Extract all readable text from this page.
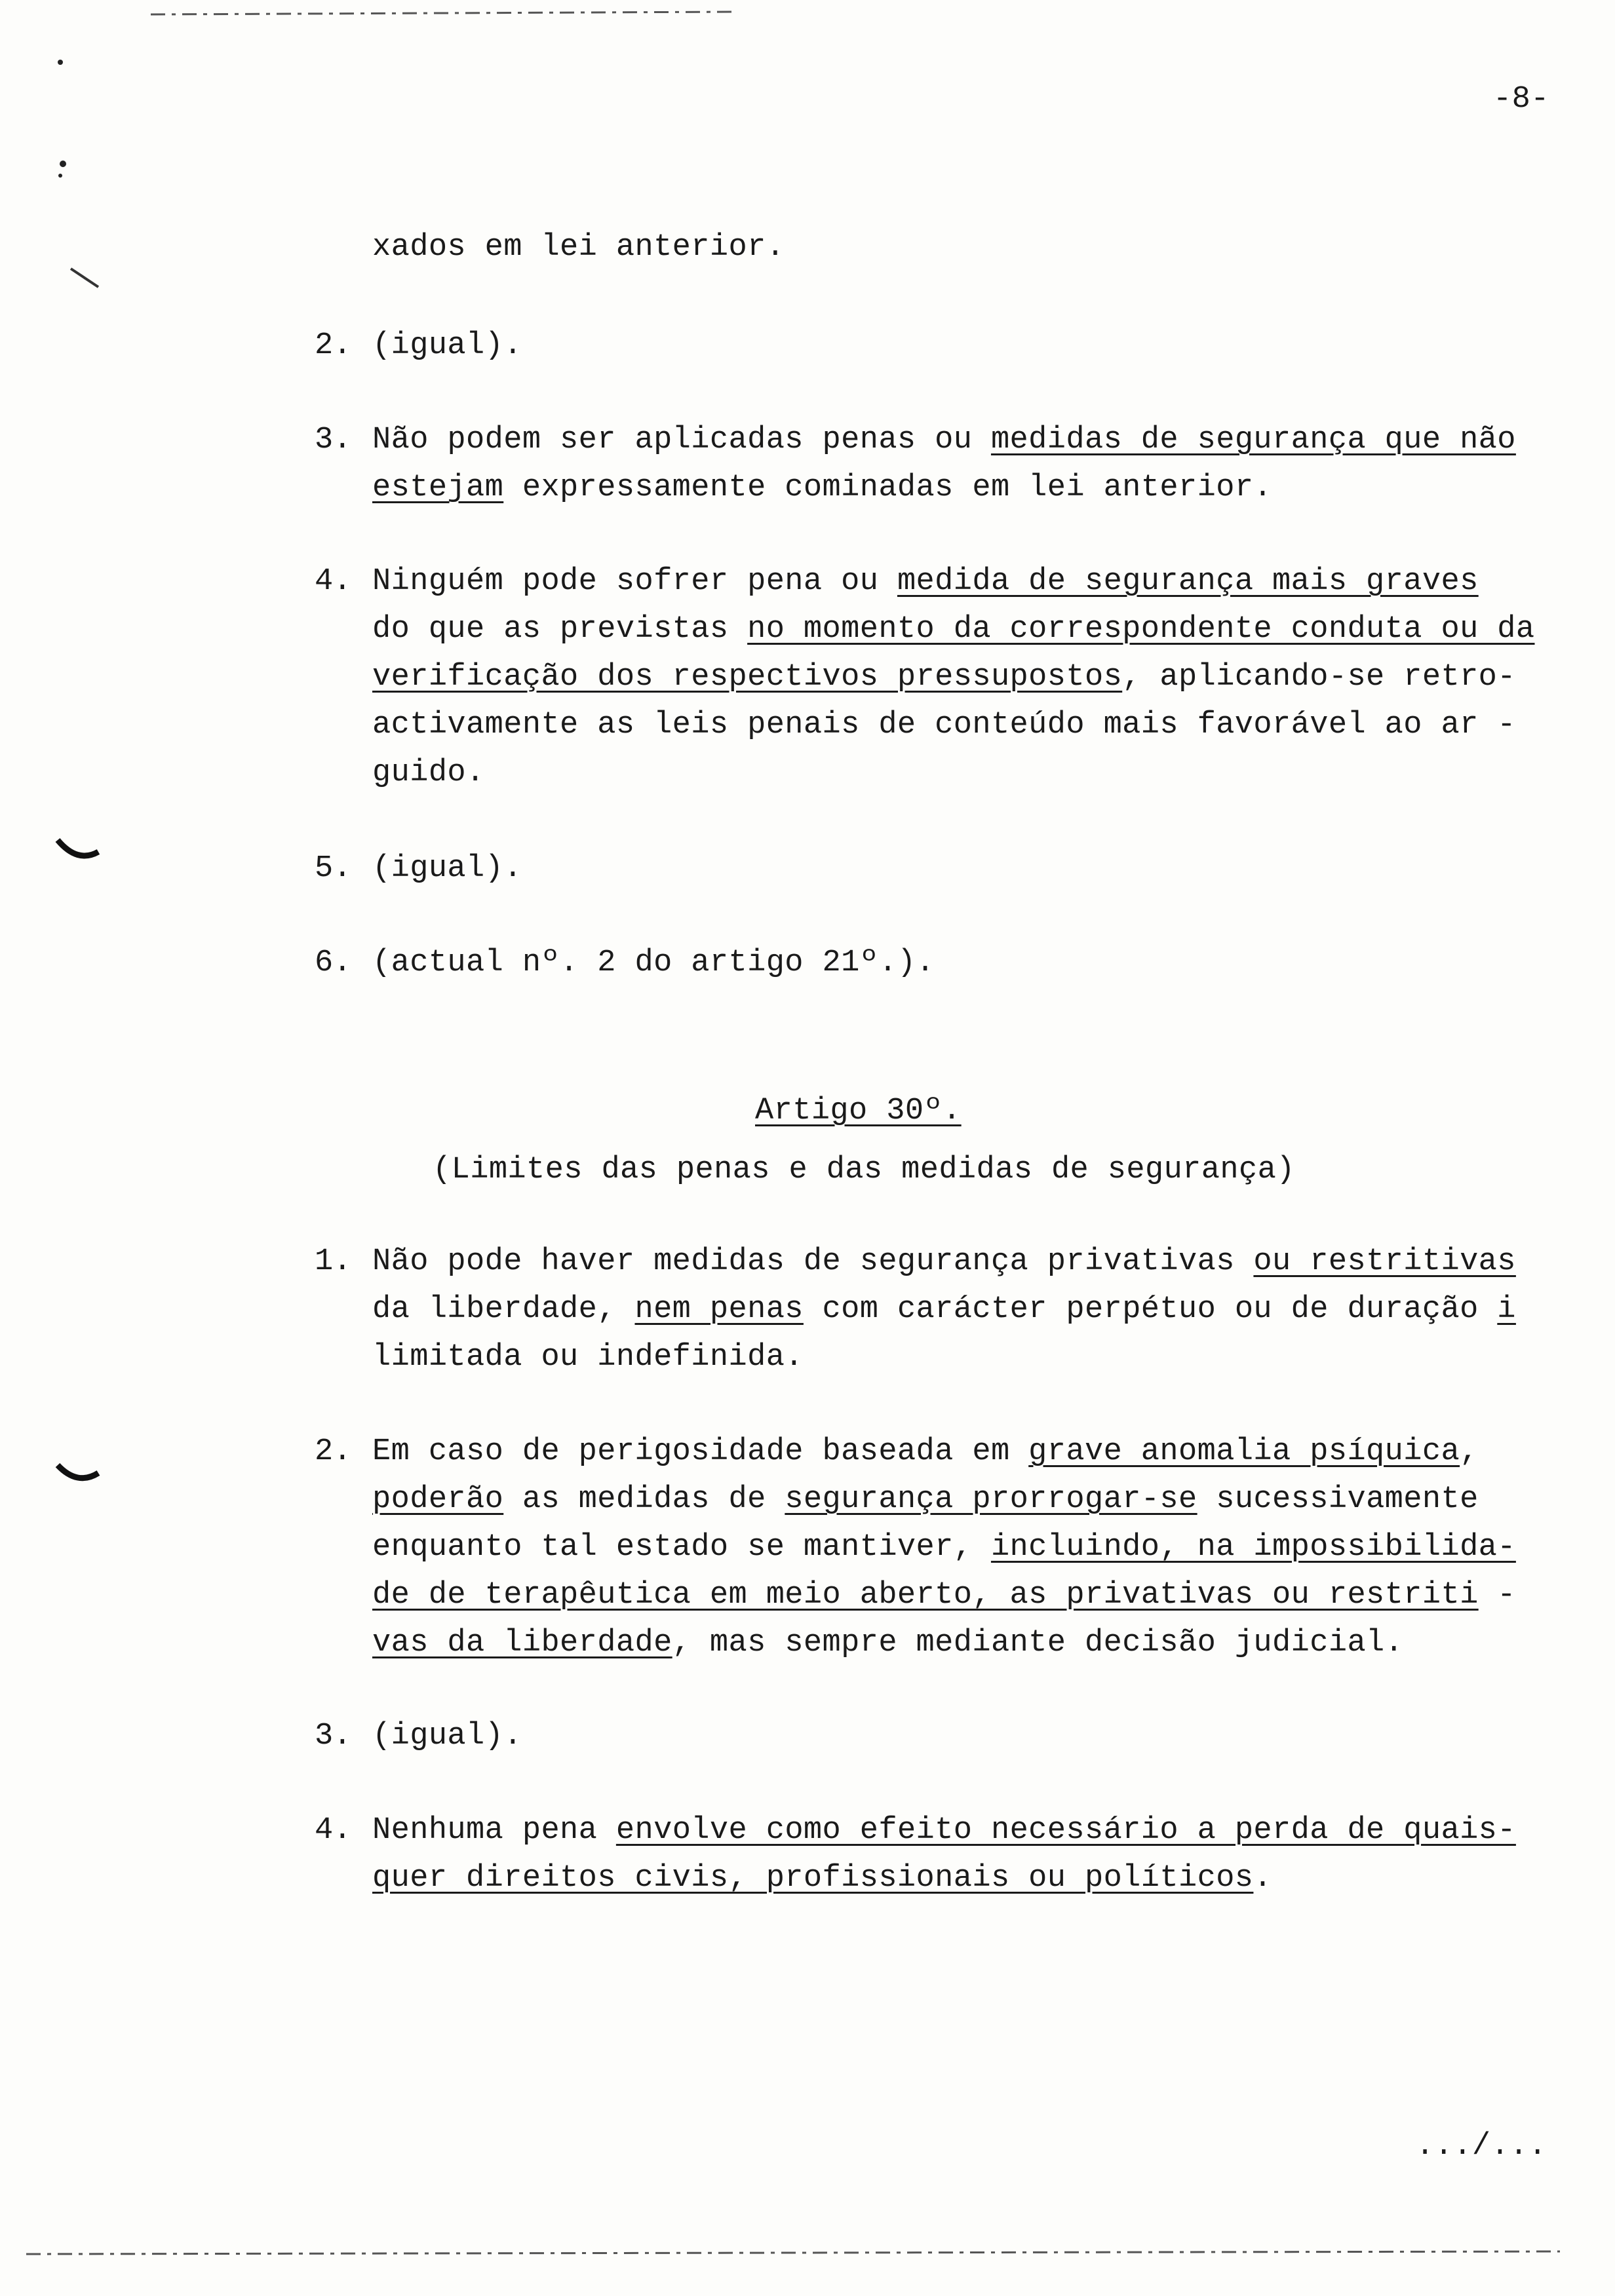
-8-
xados em lei anterior.
2. (igual).
3. Não podem ser aplicadas penas ou medidas de segurança que não
estejam expressamente cominadas em lei anterior.
4. Ninguém pode sofrer pena ou medida de segurança mais graves
do que as previstas no momento da correspondente conduta ou da
verificação dos respectivos pressupostos, aplicando-se retro-
activamente as leis penais de conteúdo mais favorável ao ar -
guido.
5. (igual).
6. (actual nº. 2 do artigo 21º.).
Artigo 30º.
(Limites das penas e das medidas de segurança)
1. Não pode haver medidas de segurança privativas ou restritivas
da liberdade, nem penas com carácter perpétuo ou de duração i
limitada ou indefinida.
2. Em caso de perigosidade baseada em grave anomalia psíquica,
poderão as medidas de segurança prorrogar-se sucessivamente
enquanto tal estado se mantiver, incluindo, na impossibilida-
de de terapêutica em meio aberto, as privativas ou restriti -
vas da liberdade, mas sempre mediante decisão judicial.
3. (igual).
4. Nenhuma pena envolve como efeito necessário a perda de quais-
quer direitos civis, profissionais ou políticos.
.../...
